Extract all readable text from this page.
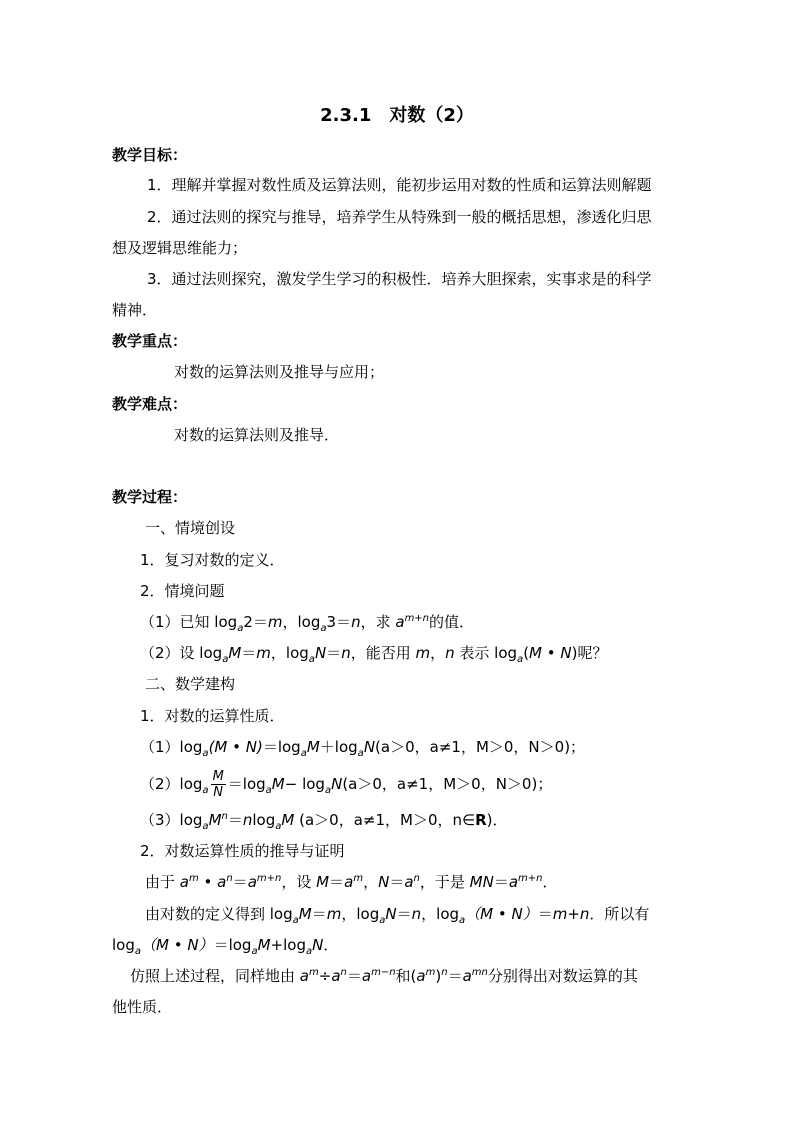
2.3.1　对数（2）
教学目标：
1．理解并掌握对数性质及运算法则，能初步运用对数的性质和运算法则解题
2．通过法则的探究与推导，培养学生从特殊到一般的概括思想，渗透化归思
想及逻辑思维能力；
3．通过法则探究，激发学生学习的积极性．培养大胆探索，实事求是的科学
精神．
教学重点：
对数的运算法则及推导与应用；
教学难点：
对数的运算法则及推导．
教学过程：
一、情境创设
1．复习对数的定义．
2．情境问题
（1）已知 $\log_a2=m$，$\log_a3=n$，求 $a^{m+n}$的值．
（2）设 $\log_aM=m$，$\log_aN=n$，能否用 m，n 表示 $\log_a(M$ • N)呢？
二、数学建构
1．对数的运算性质．
$(1)\log_a(M$ • $N)=\log_aM+\log_aN(a>0$，a≠1，M＞0，N＞0)；
$(2)\log_a \frac{M}{N} =\log_aM- \log_aN(a>0$，a≠1，M＞0，N＞0)；
$(3)\log_aM^n=nlog_aM$ (a＞0，a≠1，M＞0，n∈R)．
2．对数运算性质的推导与证明
由于 $a^m$ • $a^n=a^{m+n}$，设 $M=a^m$，$N=a^n$，于是 $MN=a^{m+n}$．
由对数的定义得到 $\log_aM=m$，$\log_aN=n$，$\log_a(M$ • N）＝m+n．所以有
$\log_a(M$ • $N)=\log_aM+\log_aN$．
仿照上述过程，同样地由 $a^m\div a^n=a^{m-n}$和$(a^m)^n=a^{mn}$分别得出对数运算的其
他性质．
